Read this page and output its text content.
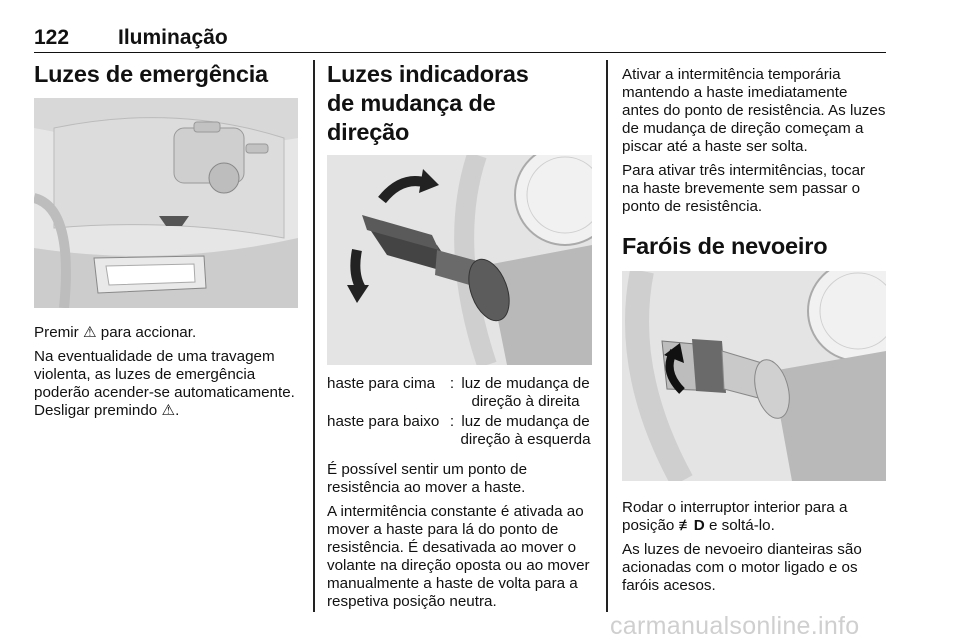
122 Iluminação
Luzes de emergência

Premir ⚠ para accionar.

Na eventualidade de uma travagem violenta, as luzes de emergência poderão acender-se automaticamente. Desligar premindo ⚠.

Luzes indicadoras de mudança de direção
haste para cima	:	luz de mudança de direção à direita
haste para baixo	:	luz de mudança de direção à esquerda

É possível sentir um ponto de resistência ao mover a haste.

A intermitência constante é ativada ao mover a haste para lá do ponto de resistência. É desativada ao mover o volante na direção oposta ou ao mover manualmente a haste de volta para a respetiva posição neutra.

Ativar a intermitência temporária mantendo a haste imediatamente antes do ponto de resistência. As luzes de mudança de direção começam a piscar até a haste ser solta.

Para ativar três intermitências, tocar na haste brevemente sem passar o ponto de resistência.

Faróis de nevoeiro

Rodar o interruptor interior para a posição ≢D e soltá-lo.

As luzes de nevoeiro dianteiras são acionadas com o motor ligado e os faróis acesos.

carmanualsonline.info
